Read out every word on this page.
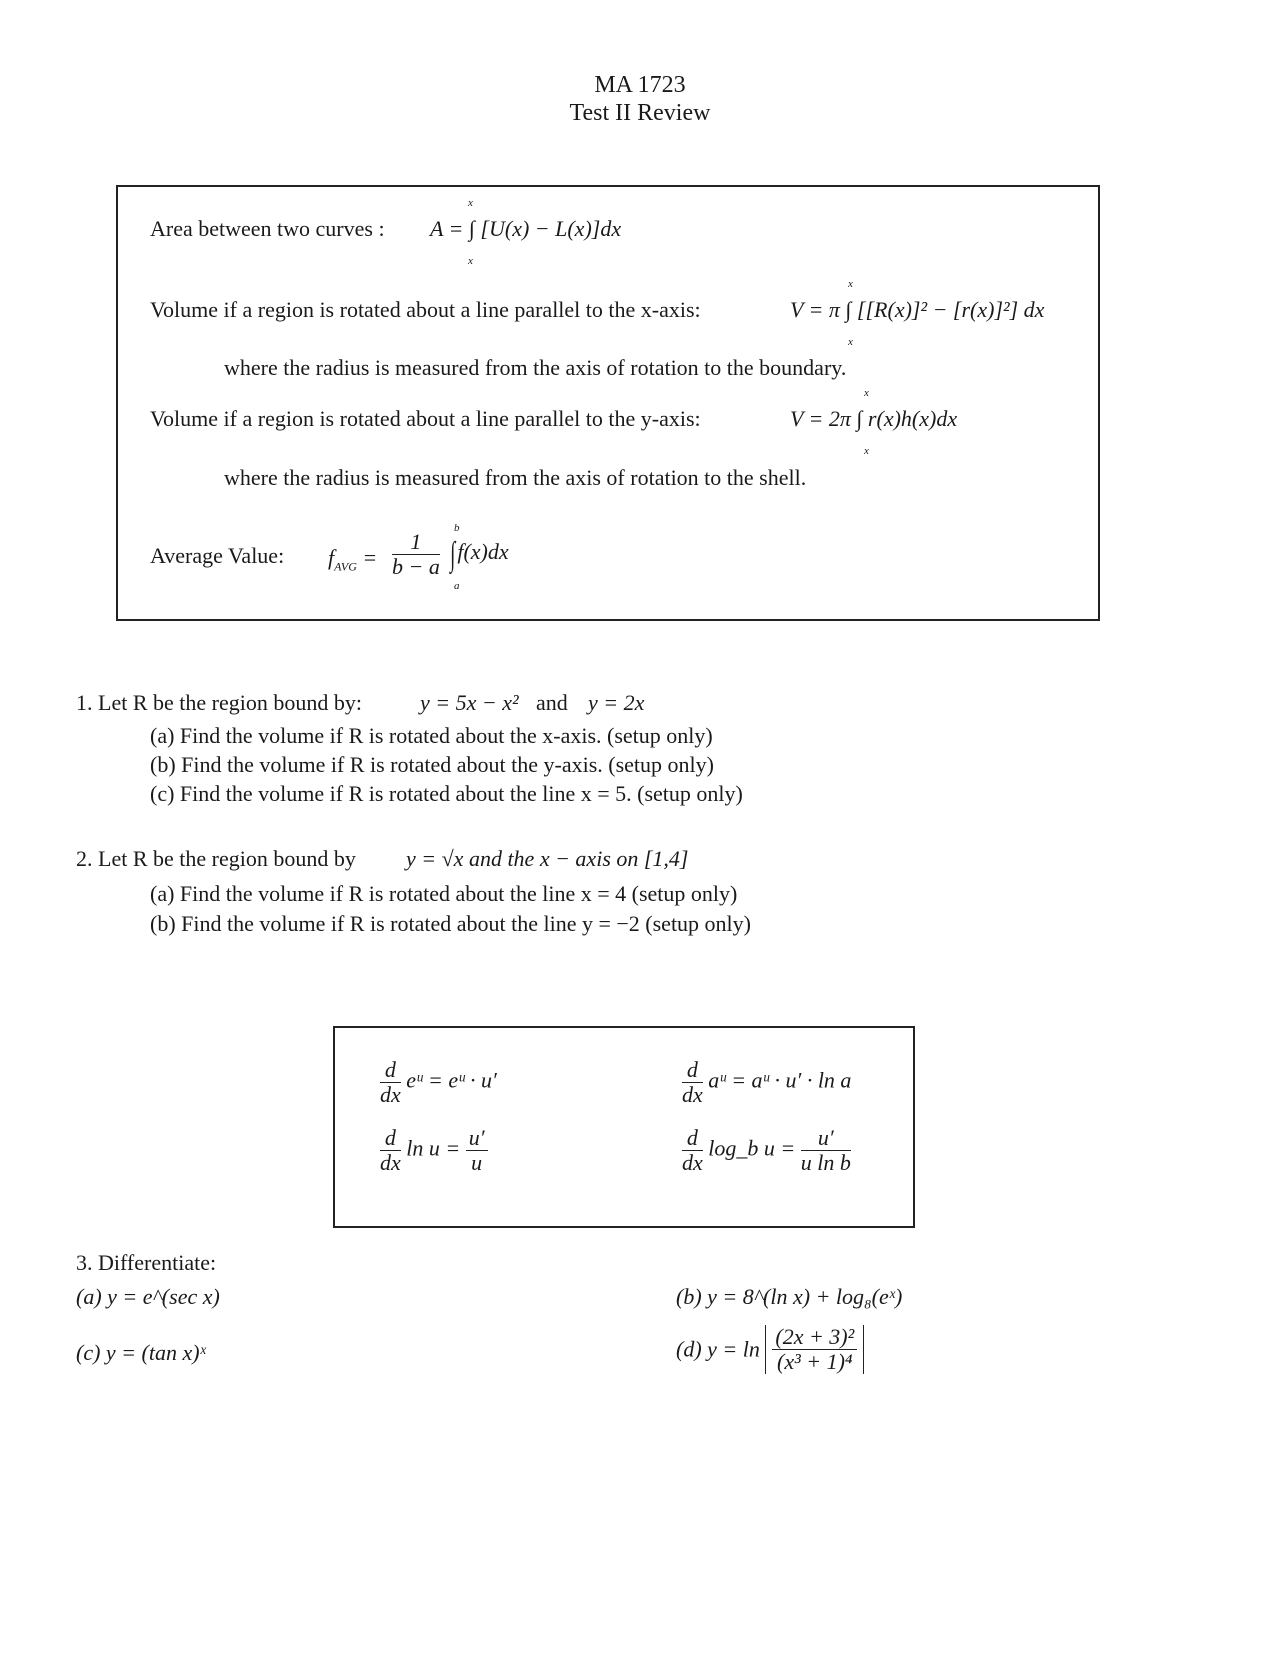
MA 1723
Test II Review
Area between two curves : A = ∫ [U(x) − L(x)]dx
x
x
Volume if a region is rotated about a line parallel to the x-axis:	V = π ∫ [[R(x)]² − [r(x)]²] dx
x
x
where the radius is measured from the axis of rotation to the boundary.
Volume if a region is rotated about a line parallel to the y-axis:	V = 2π ∫ r(x)h(x)dx
x
x
where the radius is measured from the axis of rotation to the shell.
Average Value: $f_{AVG} = \frac{1}{b - a} \int f(x)dx$
b
a
1. Let R be the region bound by:	y = 5x − x² and y = 2x
(a) Find the volume if R is rotated about the x-axis. (setup only)
(b) Find the volume if R is rotated about the y-axis. (setup only)
(c) Find the volume if R is rotated about the line x = 5. (setup only)
2. Let R be the region bound by y = √x and the x − axis on [1,4]
(a) Find the volume if R is rotated about the line x = 4 (setup only)
(b) Find the volume if R is rotated about the line y = −2 (setup only)
$\frac{d}{dx}$ eᵘ = eᵘ · u′
$\frac{d}{dx}$ $\ln u = \frac{u'}{u}$
$\frac{d}{dx}$ aᵘ = aᵘ · u′ · ln a
$\frac{d}{dx}$ log_b $u = \frac{u'}{\text{u ln b}}$
3. Differentiate:
(a) y = e^(sec x)	(b) y = 8^(ln x) + log₈(eˣ)
(c) y = (tan x)ˣ	(d) $y = \ln \frac{\text{(2x + 3)²}}{\text{(x³ + 1)⁴}}$
